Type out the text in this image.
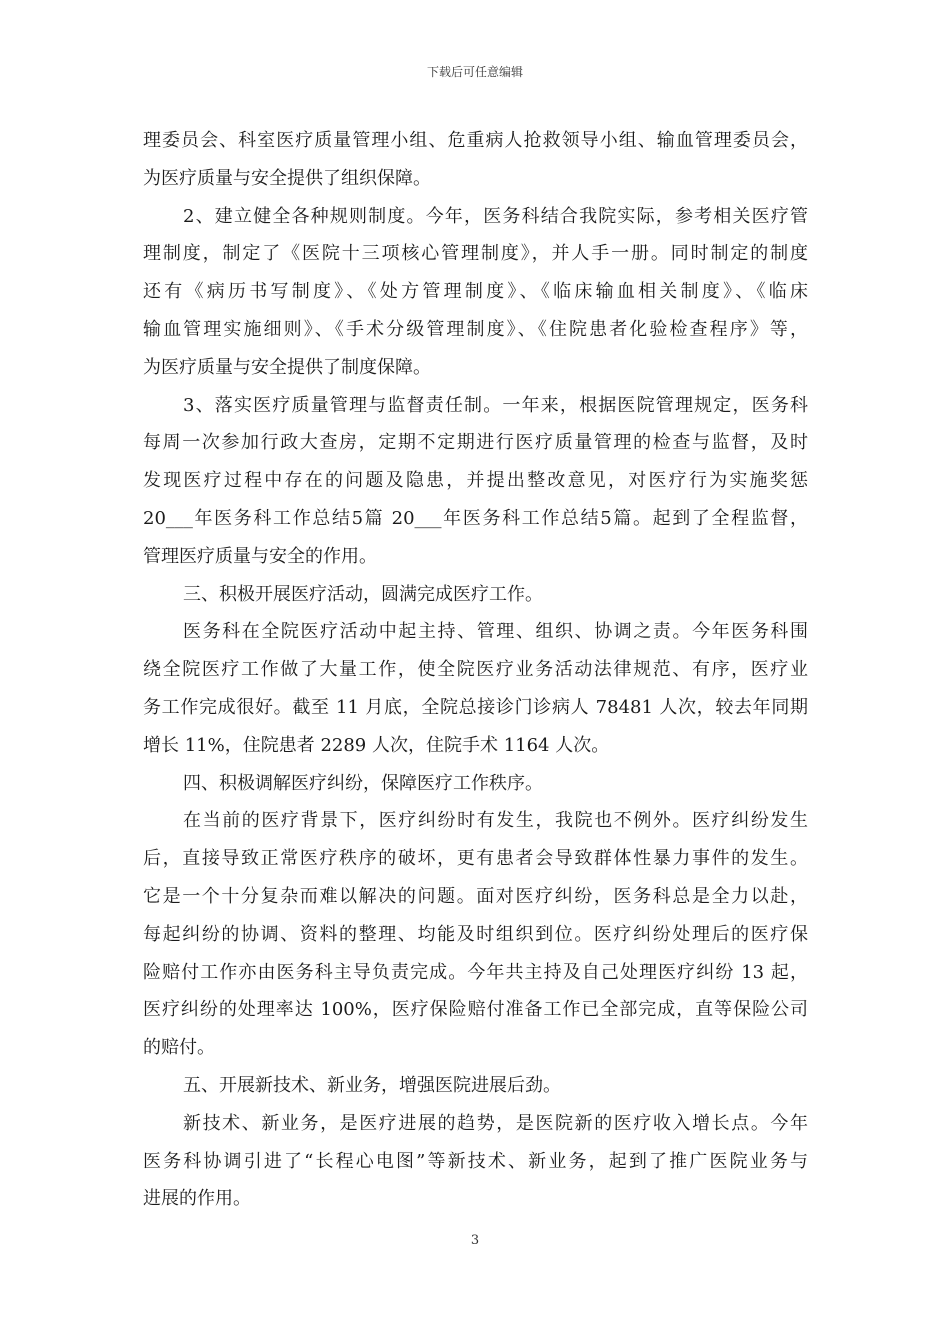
下载后可任意编辑
理委员会、科室医疗质量管理小组、危重病人抢救领导小组、输血管理委员会，
为医疗质量与安全提供了组织保障。
2、建立健全各种规则制度。今年，医务科结合我院实际，参考相关医疗管
理制度，制定了《医院十三项核心管理制度》，并人手一册。同时制定的制度
还有《病历书写制度》、《处方管理制度》、《临床输血相关制度》、《临床
输血管理实施细则》、《手术分级管理制度》、《住院患者化验检查程序》等，
为医疗质量与安全提供了制度保障。
3、落实医疗质量管理与监督责任制。一年来，根据医院管理规定，医务科
每周一次参加行政大查房，定期不定期进行医疗质量管理的检查与监督，及时
发现医疗过程中存在的问题及隐患，并提出整改意见，对医疗行为实施奖惩
20___年医务科工作总结5篇 20___年医务科工作总结5篇。起到了全程监督，
管理医疗质量与安全的作用。
三、积极开展医疗活动，圆满完成医疗工作。
医务科在全院医疗活动中起主持、管理、组织、协调之责。今年医务科围
绕全院医疗工作做了大量工作，使全院医疗业务活动法律规范、有序，医疗业
务工作完成很好。截至 11 月底，全院总接诊门诊病人 78481 人次，较去年同期
增长 11%，住院患者 2289 人次，住院手术 1164 人次。
四、积极调解医疗纠纷，保障医疗工作秩序。
在当前的医疗背景下，医疗纠纷时有发生，我院也不例外。医疗纠纷发生
后，直接导致正常医疗秩序的破坏，更有患者会导致群体性暴力事件的发生。
它是一个十分复杂而难以解决的问题。面对医疗纠纷，医务科总是全力以赴，
每起纠纷的协调、资料的整理、均能及时组织到位。医疗纠纷处理后的医疗保
险赔付工作亦由医务科主导负责完成。今年共主持及自己处理医疗纠纷 13 起，
医疗纠纷的处理率达 100%，医疗保险赔付准备工作已全部完成，直等保险公司
的赔付。
五、开展新技术、新业务，增强医院进展后劲。
新技术、新业务，是医疗进展的趋势，是医院新的医疗收入增长点。今年
医务科协调引进了“长程心电图”等新技术、新业务，起到了推广医院业务与
进展的作用。
3
